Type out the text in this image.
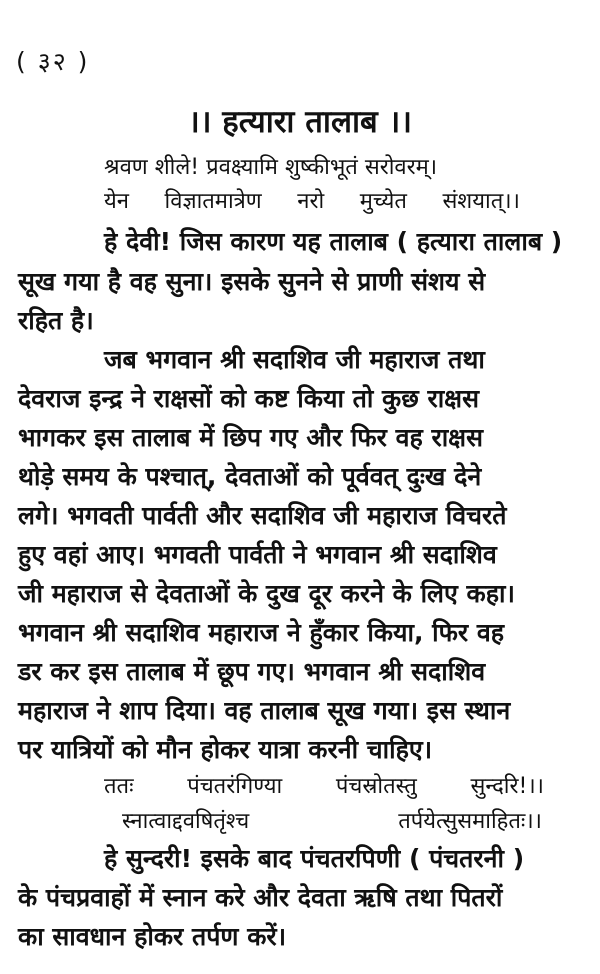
( ३२ )
।। हत्यारा तालाब ।।
श्रवण शीले! प्रवक्ष्यामि शुष्कीभूतं सरोवरम्।
येन विज्ञातमात्रेण नरो मुच्येत संशयात्।।
हे देवी! जिस कारण यह तालाब ( हत्यारा तालाब )
सूख गया है वह सुना। इसके सुनने से प्राणी संशय से
रहित है।
जब भगवान श्री सदाशिव जी महाराज तथा
देवराज इन्द्र ने राक्षसों को कष्ट किया तो कुछ राक्षस
भागकर इस तालाब में छिप गए और फिर वह राक्षस
थोड़े समय के पश्चात्, देवताओं को पूर्ववत् दुःख देने
लगे। भगवती पार्वती और सदाशिव जी महाराज विचरते
हुए वहां आए। भगवती पार्वती ने भगवान श्री सदाशिव
जी महाराज से देवताओं के दुख दूर करने के लिए कहा।
भगवान श्री सदाशिव महाराज ने हुँकार किया, फिर वह
डर कर इस तालाब में छूप गए। भगवान श्री सदाशिव
महाराज ने शाप दिया। वह तालाब सूख गया। इस स्थान
पर यात्रियों को मौन होकर यात्रा करनी चाहिए।
ततः पंचतरंगिण्या पंचस्रोतस्तु सुन्दरि!।।
स्नात्वाद्दवषितृंश्च	तर्पयेत्सुसमाहितः।।
हे सुन्दरी! इसके बाद पंचतरपिणी ( पंचतरनी )
के पंचप्रवाहों में स्नान करे और देवता ऋषि तथा पितरों
का सावधान होकर तर्पण करें।
